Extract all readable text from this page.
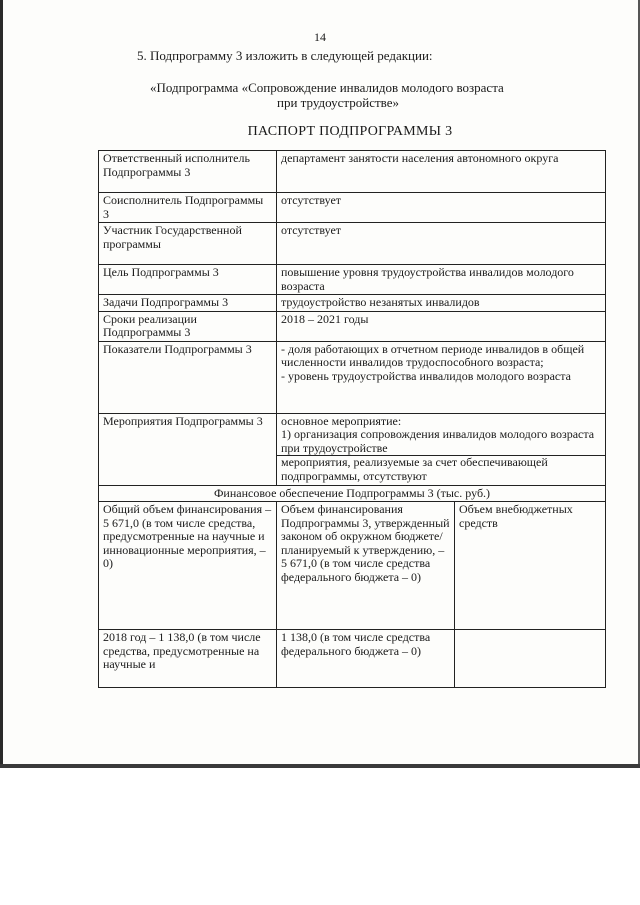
14
5. Подпрограмму 3 изложить в следующей редакции:
«Подпрограмма «Сопровождение инвалидов молодого возраста
при трудоустройстве»
ПАСПОРТ ПОДПРОГРАММЫ 3
Ответственный исполнитель Подпрограммы 3	департамент занятости населения автономного округа	
Соисполнитель Подпрограммы 3	отсутствует	
Участник Государственной программы	отсутствует	
Цель Подпрограммы 3	повышение уровня трудоустройства инвалидов молодого возраста	
Задачи Подпрограммы 3	трудоустройство незанятых инвалидов	
Сроки реализации Подпрограммы 3	2018 – 2021 годы	
Показатели Подпрограммы 3	- доля работающих в отчетном периоде инвалидов в общей численности инвалидов трудоспособного возраста;
- уровень трудоустройства инвалидов молодого возраста	

Мероприятия Подпрограммы 3	основное мероприятие:
1) организация сопровождения инвалидов молодого возраста при трудоустройстве
мероприятия, реализуемые за счет обеспечивающей подпрограммы, отсутствуют	

Финансовое обеспечение Подпрограммы 3 (тыс. руб.)		
Общий объем финансирования – 5 671,0 (в том числе средства, предусмотренные на научные и инновационные мероприятия, – 0)	Объем финансирования Подпрограммы 3, утвержденный законом об окружном бюджете/ планируемый к утверждению, – 5 671,0 (в том числе средства федерального бюджета – 0)	Объем внебюджетных средств
2018 год – 1 138,0 (в том числе средства, предусмотренные на научные и	1 138,0 (в том числе средства федерального бюджета – 0)	
